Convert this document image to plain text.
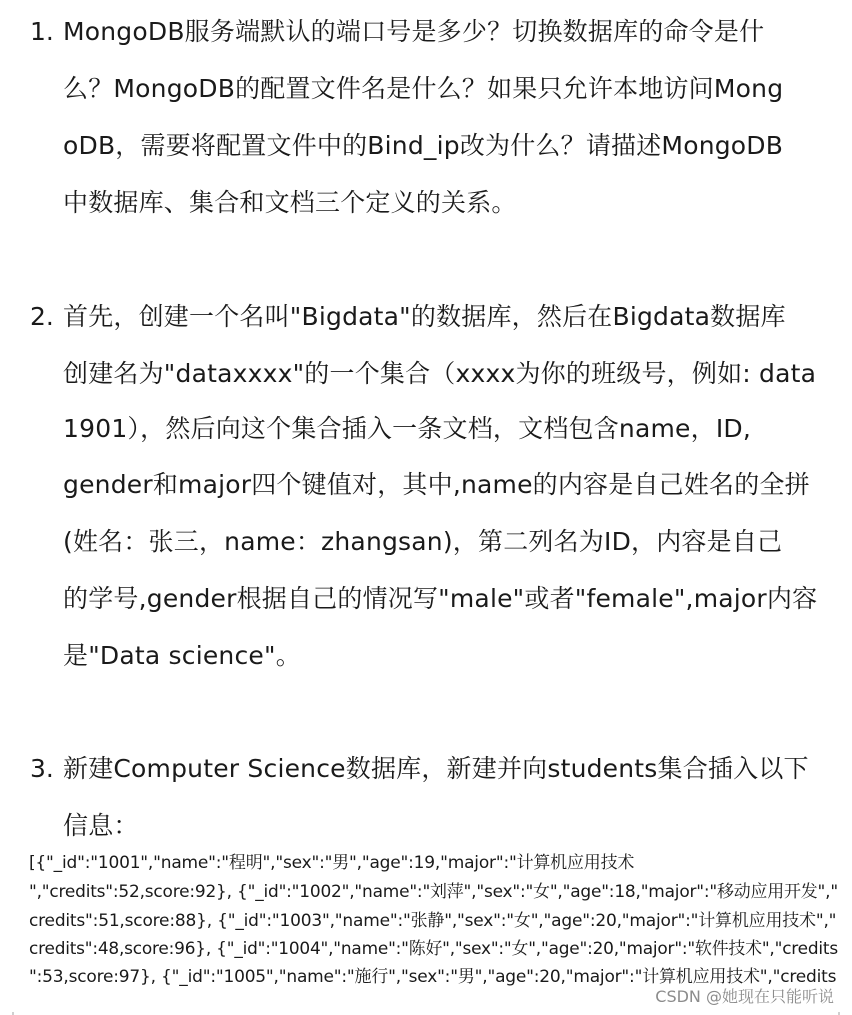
1. MongoDB服务端默认的端口号是多少？切换数据库的命令是什
么？MongoDB的配置文件名是什么？如果只允许本地访问Mong
oDB，需要将配置文件中的Bind_ip改为什么？请描述MongoDB
中数据库、集合和文档三个定义的关系。
2. 首先，创建一个名叫"Bigdata"的数据库，然后在Bigdata数据库
创建名为"dataxxxx"的一个集合（xxxx为你的班级号，例如: data
1901），然后向这个集合插入一条文档，文档包含name，ID,
gender和major四个键值对，其中,name的内容是自己姓名的全拼
(姓名：张三，name：zhangsan)，第二列名为ID，内容是自己
的学号,gender根据自己的情况写"male"或者"female",major内容
是"Data science"。
3. 新建Computer Science数据库，新建并向students集合插入以下
信息：
[{"_id":"1001","name":"程明","sex":"男","age":19,"major":"计算机应用技术
","credits":52,score:92}, {"_id":"1002","name":"刘萍","sex":"女","age":18,"major":"移动应用开发","
credits":51,score:88}, {"_id":"1003","name":"张静","sex":"女","age":20,"major":"计算机应用技术","
credits":48,score:96}, {"_id":"1004","name":"陈好","sex":"女","age":20,"major":"软件技术","credits
":53,score:97}, {"_id":"1005","name":"施行","sex":"男","age":20,"major":"计算机应用技术","credits
CSDN @她现在只能听说
